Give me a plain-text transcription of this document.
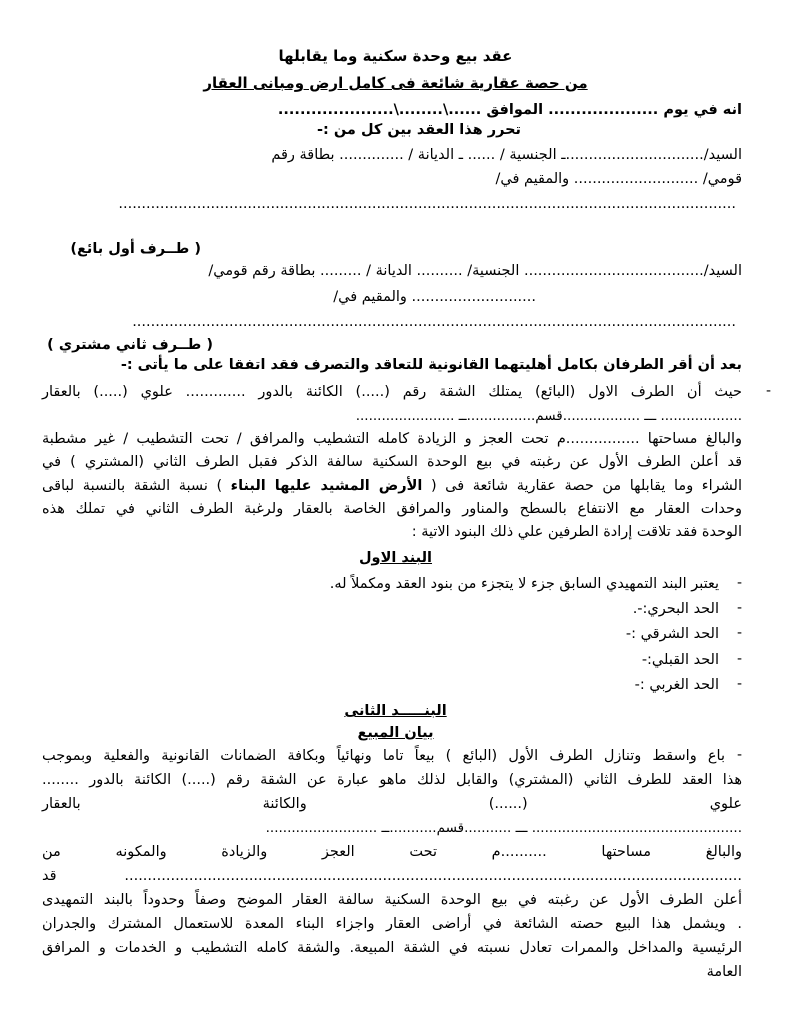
عقد بيع وحدة سكنية وما يقابلها
من حصة عقارية شائعة فى كامل ارض ومبانى العقار
انه في يوم .................... الموافق ......\........\.....................
تحرر هذا العقد بين كل من :-
السيد/..............................ـ الجنسية / ...... ـ الديانة / .............. بطاقة رقم
قومي/ ........................... والمقيم في/
......................................................................................................................................
( طــرف أول بائع)
السيد/....................................... الجنسية/ .......... الديانة / ......... بطاقة رقم قومي/
........................... والمقيم في/
...................................................................................................................................
( طــرف ثاني مشتري )
بعد أن أقر الطرفان بكامل أهليتهما القانونية للتعاقد والتصرف فقد اتفقا على ما يأتى :-
-
حيث أن الطرف الاول (البائع) يمتلك الشقة رقم (.....) الكائنة بالدور ............. علوي (.....) بالعقار
................... ـــ ..................قسم................ــ .......................
والبالغ مساحتها ................م تحت العجز و الزيادة كامله التشطيب والمرافق / تحت التشطيب / غير مشطبة
قد أعلن الطرف الأول عن رغبته في بيع الوحدة السكنية سالفة الذكر فقبل الطرف الثاني (المشتري ) في
الشراء وما يقابلها من حصة عقارية شائعة فى ( الأرض المشيد عليها البناء ) نسبة الشقة بالنسبة لباقى
وحدات العقار مع الانتفاع بالسطح والمناور والمرافق الخاصة بالعقار ولرغبة الطرف الثاني في تملك هذه
الوحدة فقد تلاقت إرادة الطرفين علي ذلك البنود الاتية :
البند الاول
-
يعتبر البند التمهيدي السابق جزء لا يتجزء من بنود العقد ومكملاً له.
-
الحد البحري:-.
-
الحد الشرقي :-
-
الحد القبلي:-
-
الحد الغربي :-
البنـــــد الثانى
بيان المبيع
-
باع واسقط وتنازل الطرف الأول (البائع ) بيعاً تاما ونهائياً وبكافة الضمانات القانونية والفعلية وبموجب
هذا العقد للطرف الثاني (المشتري) والقابل لذلك ماهو عبارة عن الشقة رقم (.....) الكائنة بالدور ........
علوي (......) والكائنة بالعقار
................................................. ـــ ...........قسم...........ــ ..........................
والبالغ مساحتها ..........م تحت العجز والزيادة والمكونه من
...................................................................................................................................... قد
أعلن الطرف الأول عن رغبته في بيع الوحدة السكنية سالفة العقار الموضح وصفاً وحدوداً بالبند التمهيدى
. ويشمل هذا البيع حصته الشائعة في أراضى العقار واجزاء البناء المعدة للاستعمال المشترك والجدران
الرئيسية والمداخل والممرات تعادل نسبته في الشقة المبيعة. والشقة كامله التشطيب و الخدمات و المرافق
العامة
